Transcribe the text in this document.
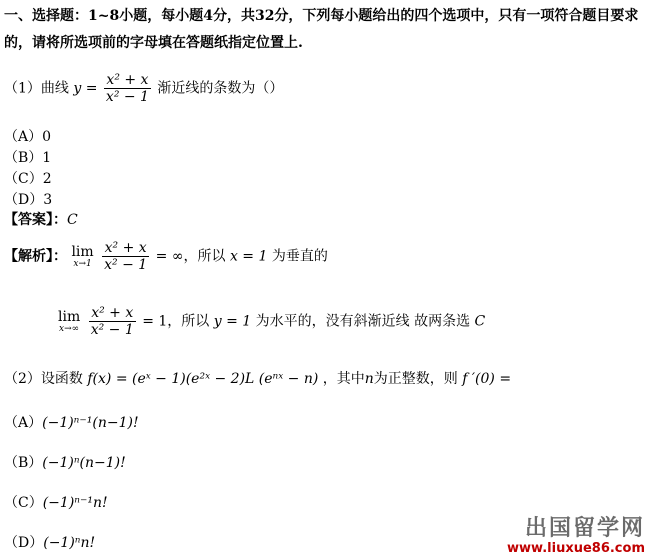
一、选择题：1~8小题，每小题4分，共32分，下列每小题给出的四个选项中，只有一项符合题目要求
的，请将所选项前的字母填在答题纸指定位置上.
（1）曲线 $y = \frac{\text{x² + x}}{\text{x² − 1}}$ 渐近线的条数为（）
（A）0
（B）1
（C）2
（D）3
【答案】：C
【解析】： lim
x→1
$\frac{\text{x² + x}}{\text{x² − 1}}$ = ∞，所以 x = 1 为垂直的
lim
x→∞
$\frac{\text{x² + x}}{\text{x² − 1}} = 1$，所以 y = 1 为水平的，没有斜渐近线 故两条选 C
（2）设函数 f(x) = (eˣ − 1)(e²ˣ − 2)L (eⁿˣ − n) ，其中n为正整数，则 f ′(0) =
（A）(−1)ⁿ⁻¹(n−1)!
（B）(−1)ⁿ(n−1)!
（C）(−1)ⁿ⁻¹n!
（D）(−1)ⁿn!
出国留学网
www.liuxue86.com
